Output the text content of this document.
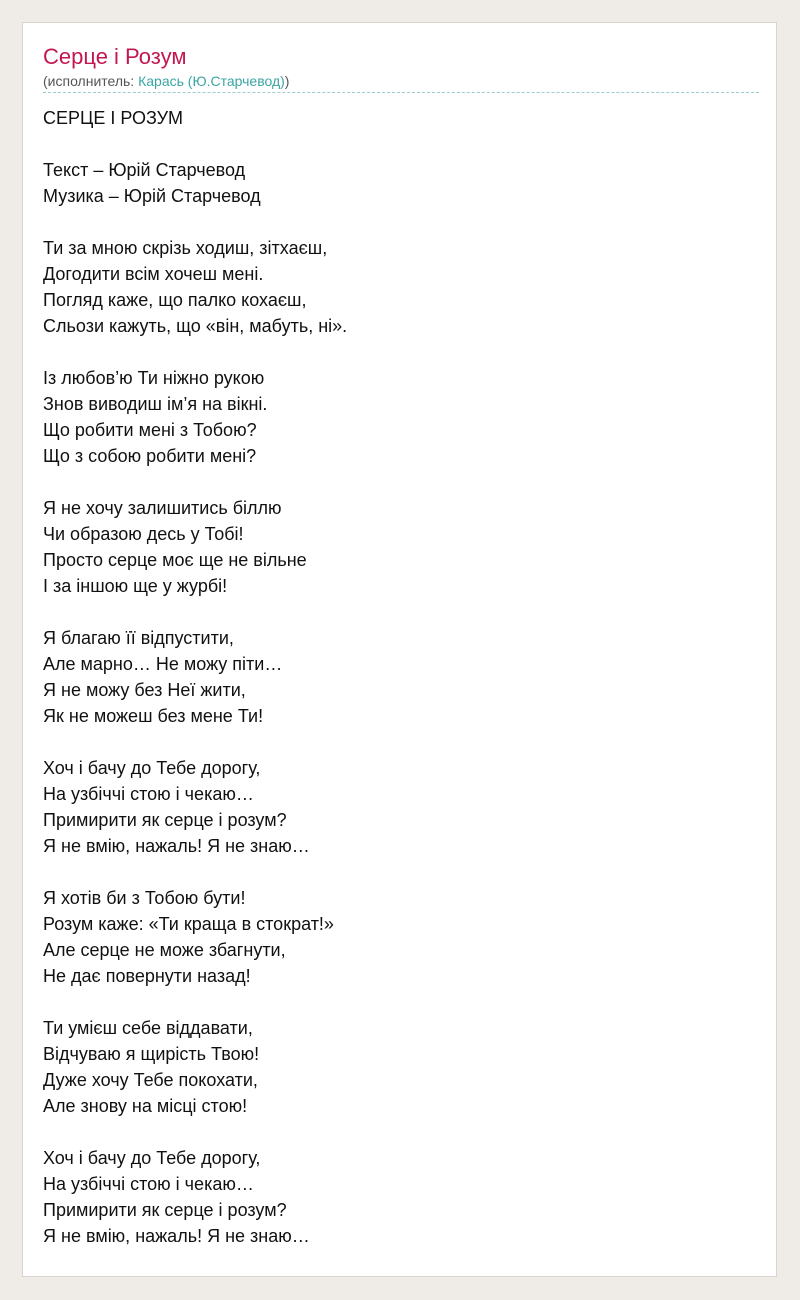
Серце і Розум
(исполнитель: Карась (Ю.Старчевод))
СЕРЦЕ І РОЗУМ
Текст – Юрій Старчевод
Музика – Юрій Старчевод
Ти за мною скрізь ходиш, зітхаєш,
Догодити всім хочеш мені.
Погляд каже, що палко кохаєш,
Сльози кажуть, що «він, мабуть, ні».
Із любов’ю Ти ніжно рукою
Знов виводиш ім’я на вікні.
Що робити мені з Тобою?
Що з собою робити мені?
Я не хочу залишитись біллю
Чи образою десь у Тобі!
Просто серце моє ще не вільне
І за іншою ще у журбі!
Я благаю її відпустити,
Але марно… Не можу піти…
Я не можу без Неї жити,
Як не можеш без мене Ти!
Хоч і бачу до Тебе дорогу,
На узбіччі стою і чекаю…
Примирити як серце і розум?
Я не вмію, нажаль! Я не знаю…
Я хотів би з Тобою бути!
Розум каже: «Ти краща в стократ!»
Але серце не може збагнути,
Не дає повернути назад!
Ти умієш себе віддавати,
Відчуваю я щирість Твою!
Дуже хочу Тебе покохати,
Але знову на місці стою!
Хоч і бачу до Тебе дорогу,
На узбіччі стою і чекаю…
Примирити як серце і розум?
Я не вмію, нажаль! Я не знаю…
